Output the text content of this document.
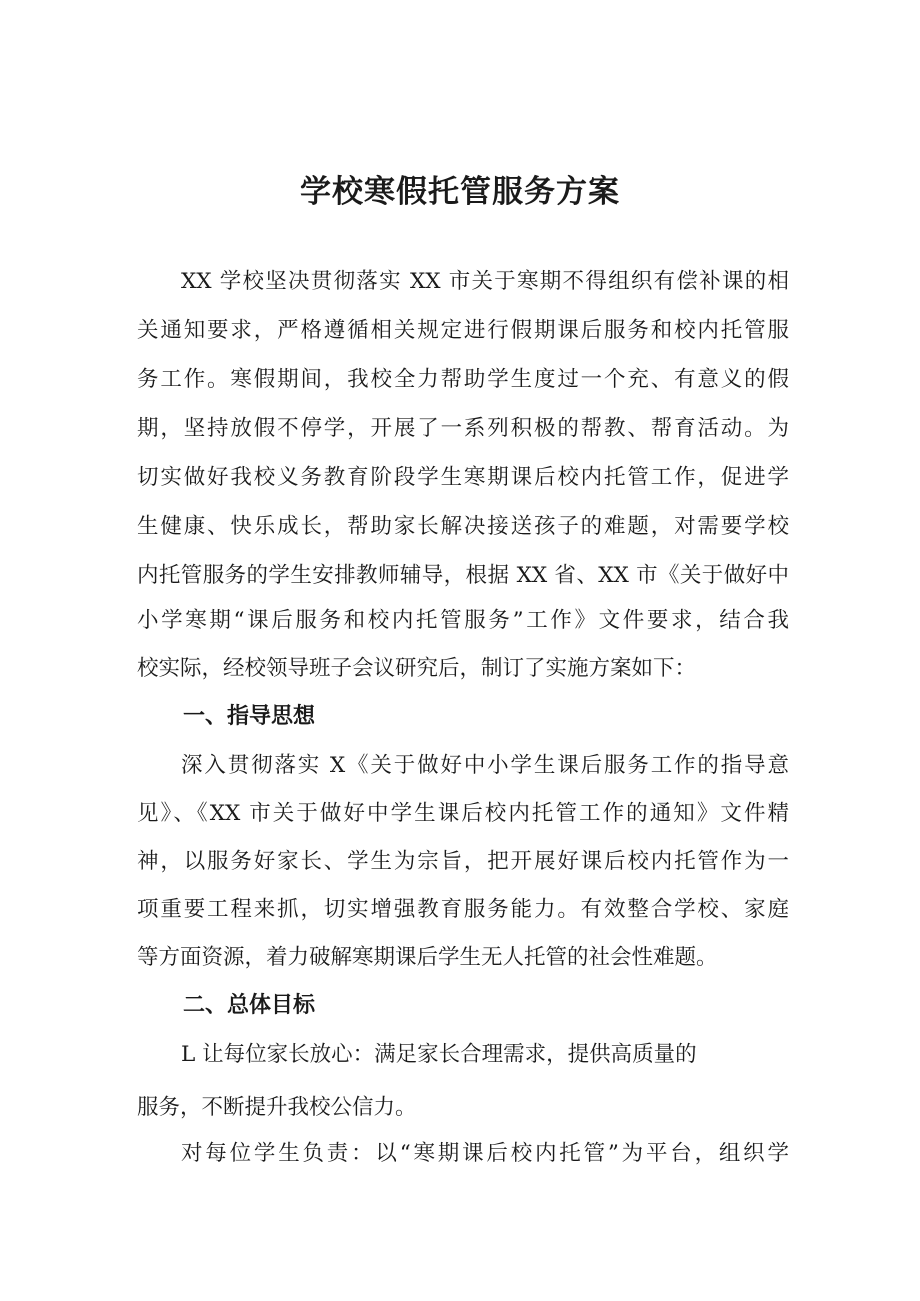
学校寒假托管服务方案
XX 学校坚决贯彻落实 XX 市关于寒期不得组织有偿补课的相
关通知要求，严格遵循相关规定进行假期课后服务和校内托管服
务工作。寒假期间，我校全力帮助学生度过一个充、有意义的假
期，坚持放假不停学，开展了一系列积极的帮教、帮育活动。为
切实做好我校义务教育阶段学生寒期课后校内托管工作，促进学
生健康、快乐成长，帮助家长解决接送孩子的难题，对需要学校
内托管服务的学生安排教师辅导，根据 XX 省、XX 市《关于做好中
小学寒期“课后服务和校内托管服务”工作》文件要求，结合我
校实际，经校领导班子会议研究后，制订了实施方案如下：
一、指导思想
深入贯彻落实 X《关于做好中小学生课后服务工作的指导意
见》、《XX 市关于做好中学生课后校内托管工作的通知》文件精
神，以服务好家长、学生为宗旨，把开展好课后校内托管作为一
项重要工程来抓，切实增强教育服务能力。有效整合学校、家庭
等方面资源，着力破解寒期课后学生无人托管的社会性难题。
二、总体目标
L 让每位家长放心：满足家长合理需求，提供高质量的
服务，不断提升我校公信力。
对每位学生负责：以“寒期课后校内托管”为平台，组织学
